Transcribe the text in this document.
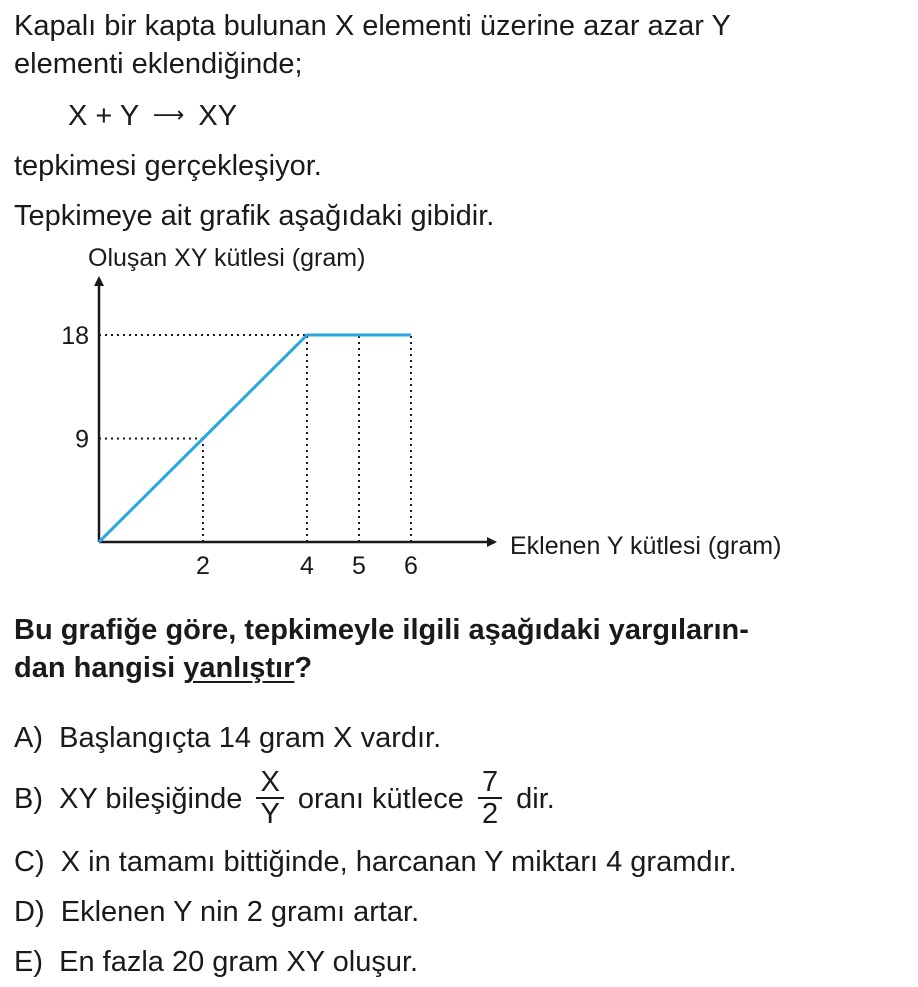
Kapalı bir kapta bulunan X elementi üzerine azar azar Y
elementi eklendiğinde;
X + Y ⟶ XY
tepkimesi gerçekleşiyor.
Tepkimeye ait grafik aşağıdaki gibidir.
Oluşan XY kütlesi (gram)
Eklenen Y kütlesi (gram)
2	4 5 6
9
18
Bu grafiğe göre, tepkimeyle ilgili aşağıdaki yargıların-
dan hangisi yanlıştır?
A) Başlangıçta 14 gram X vardır.
B) XY bileşiğinde $\frac{X}{Y}$ oranı kütlece $\frac{7}{2}$ dir.
C) X in tamamı bittiğinde, harcanan Y miktarı 4 gramdır.
D) Eklenen Y nin 2 gramı artar.
E) En fazla 20 gram XY oluşur.
